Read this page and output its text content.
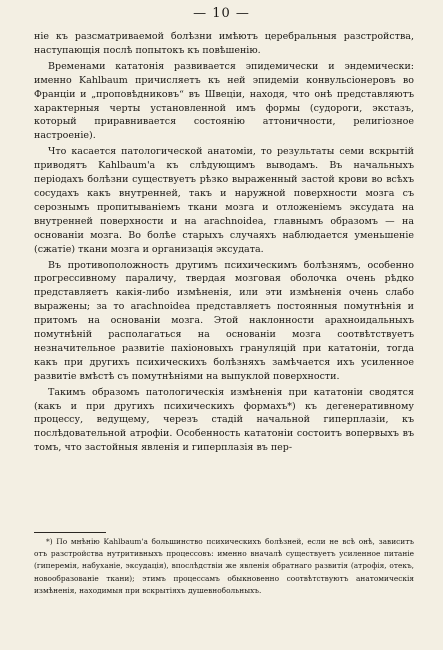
— 10 —

ніе къ разсматриваемой болѣзни имѣютъ церебральныя разстройства, наступающія послѣ попытокъ къ повѣшенію.

Временами кататонія развивается эпидемически и эндемически: именно Kahlbaum причисляетъ къ ней эпидеміи конвульсіонеровъ во Франціи и „проповѣдниковъ“ въ Швеціи, находя, что онѣ представляютъ характерныя черты установленной имъ формы (судороги, экстазъ, который приравнивается состоянію аттоничности, религіозное настроеніе).

Что касается патологической анатоміи, то результаты семи вскрытій приводятъ Kahlbaum'а къ слѣдующимъ выводамъ. Въ начальныхъ періодахъ болѣзни существуетъ рѣзко выраженный застой крови во всѣхъ сосудахъ какъ внутренней, такъ и наружной поверхности мозга съ серознымъ пропитываніемъ ткани мозга и отложеніемъ эксудата на внутренней поверхности и на arachnoidea, главнымъ образомъ — на основаніи мозга. Во болѣе старыхъ случаяхъ наблюдается уменьшеніе (сжатіе) ткани мозга и организація эксудата.

Въ противоположность другимъ психическимъ болѣзнямъ, особенно прогрессивному параличу, твердая мозговая оболочка очень рѣдко представляетъ какія-либо измѣненія, или эти измѣненія очень слабо выражены; за то arachnoidea представляетъ постоянныя помутнѣнія и притомъ на основаніи мозга. Этой наклонности арахноидальныхъ помутнѣній располагаться на основаніи мозга соотвѣтствуетъ незначительное развитіе пахіоновыхъ грануляцій при кататоніи, тогда какъ при другихъ психическихъ болѣзняхъ замѣчается ихъ усиленное развитіе вмѣстѣ съ помутнѣніями на выпуклой поверхности.

Такимъ образомъ патологическія измѣненія при кататоніи сводятся (какъ и при другихъ психическихъ формахъ*) къ дегенеративному процессу, ведущему, черезъ стадій начальной гиперплазіи, къ послѣдовательной атрофіи. Особенность кататоніи состоитъ вопервыхъ въ томъ, что застойныя явленія и гиперплазія въ пер-

*) По мнѣнію Kahlbaum'а большинство психическихъ болѣзней, если не всѣ онѣ, зависитъ отъ разстройства нутритивныхъ процессовъ: именно вначалѣ существуетъ усиленное питаніе (гиперемія, набуханіе, эксудація), впослѣдствіи же явленія обратнаго развитія (атрофія, отекъ, новообразованіе ткани); этимъ процессамъ обыкновенно соотвѣтствуютъ анатомическія измѣненія, находимыя при вскрытіяхъ душевнобольныхъ.
